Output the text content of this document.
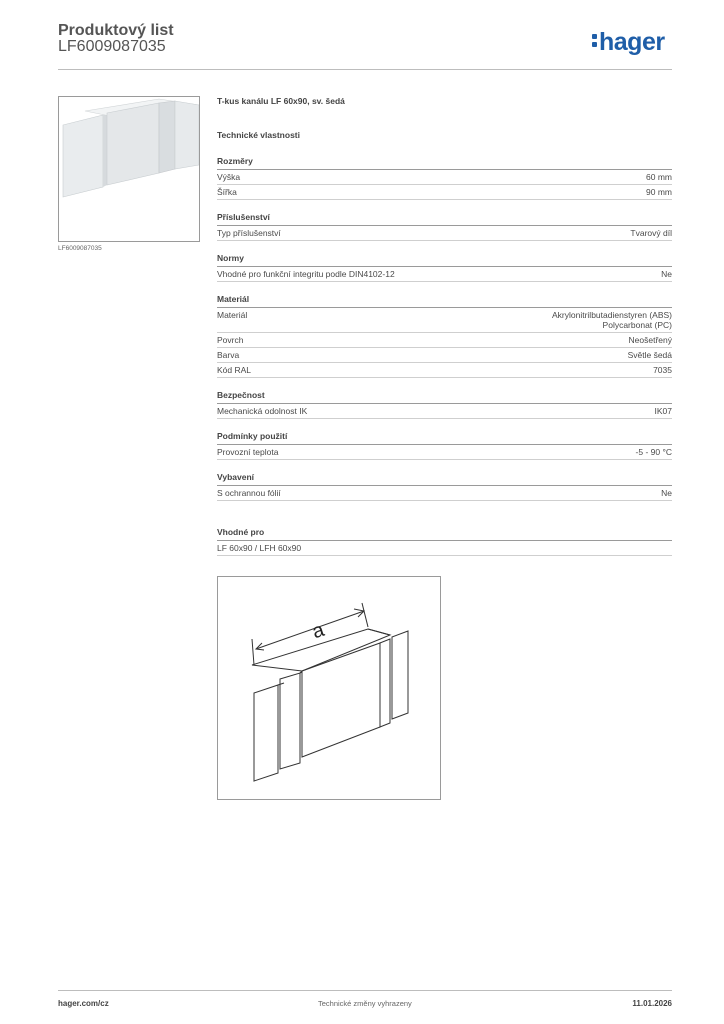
Produktový list
LF6009087035	hager
LF6009087035
T-kus kanálu LF 60x90, sv. šedá
Technické vlastnosti
Rozměry
Výška	60 mm
Šířka	90 mm
Příslušenství
Typ příslušenství	Tvarový díl
Normy
Vhodné pro funkční integritu podle DIN4102-12	Ne
Materiál
Materiál	Akrylonitrilbutadienstyren (ABS)
Polycarbonat (PC)
Povrch	Neošetřený
Barva	Světle šedá
Kód RAL	7035
Bezpečnost
Mechanická odolnost IK	IK07
Podmínky použití
Provozní teplota	-5 - 90 °C
Vybavení
S ochrannou fólií	Ne
Vhodné pro
LF 60x90 / LFH 60x90
a
hager.com/cz	Technické změny vyhrazeny	11.01.2026
